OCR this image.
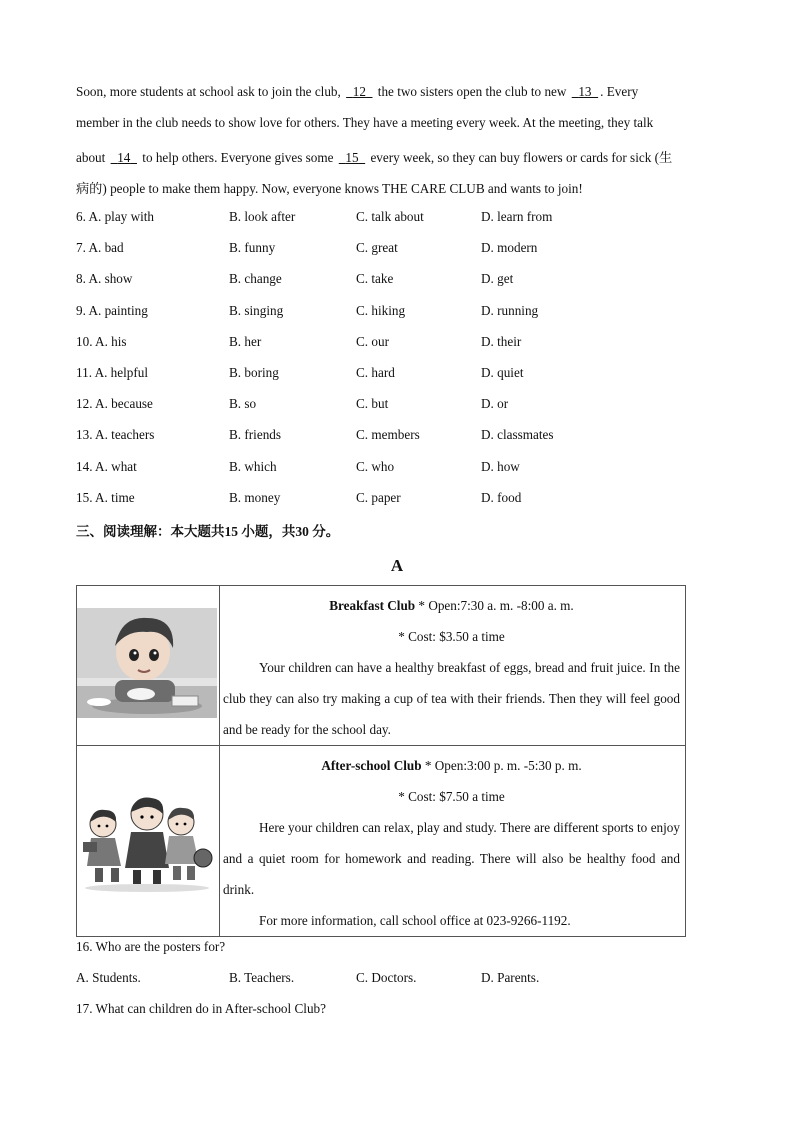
Soon, more students at school ask to join the club, 12 the two sisters open the club to new 13 . Every
member in the club needs to show love for others. They have a meeting every week. At the meeting, they talk
about 14 to help others. Everyone gives some 15 every week, so they can buy flowers or cards for sick (生
病的) people to make them happy. Now, everyone knows THE CARE CLUB and wants to join!
6. A. play with	B. look after	C. talk about	D. learn from
7. A. bad	B. funny	C. great	D. modern
8. A. show	B. change	C. take	D. get
9. A. painting	B. singing	C. hiking	D. running
10. A. his	B. her	C. our	D. their
11. A. helpful	B. boring	C. hard	D. quiet
12. A. because	B. so	C. but	D. or
13. A. teachers	B. friends	C. members	D. classmates
14. A. what	B. which	C. who	D. how
15. A. time	B. money	C. paper	D. food
三、阅读理解：本大题共15 小题，共30 分。
A

Breakfast Club * Open:7:30 a. m. -8:00 a. m.
* Cost: $3.50 a time
Your children can have a healthy breakfast of eggs, bread and fruit juice. In the club they can also try making a cup of tea with their friends. Then they will feel good and be ready for the school day.

After-school Club * Open:3:00 p. m. -5:30 p. m.
* Cost: $7.50 a time
Here your children can relax, play and study. There are different sports to enjoy and a quiet room for homework and reading. There will also be healthy food and drink.
For more information, call school office at 023-9266-1192.
16. Who are the posters for?
A. Students.	B. Teachers.	C. Doctors.	D. Parents.
17. What can children do in After-school Club?
